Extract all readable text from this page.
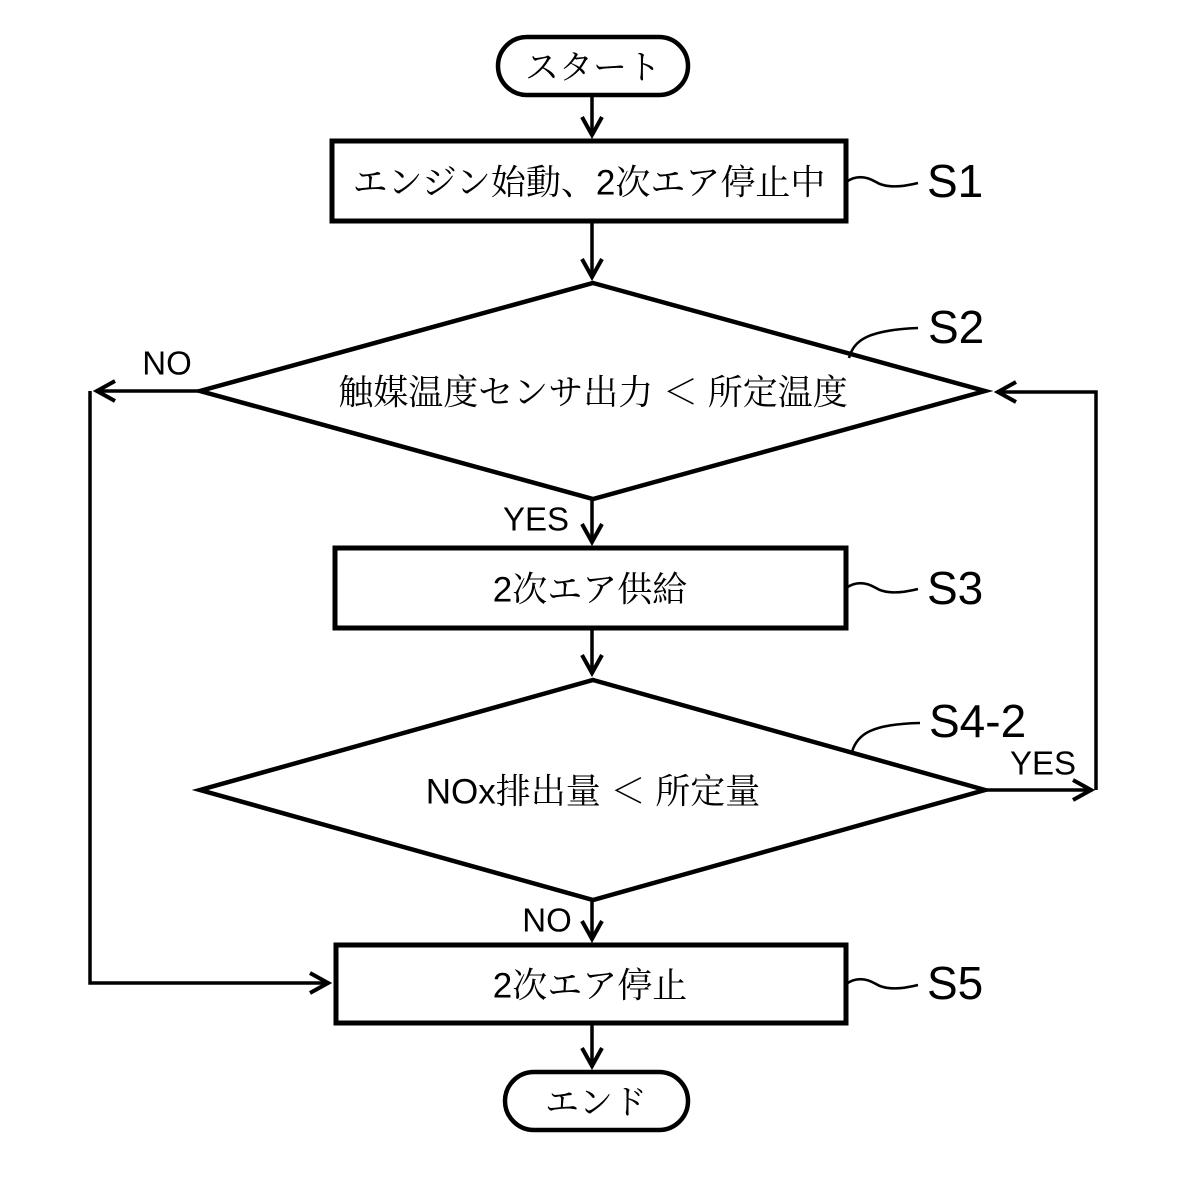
スタート
エンジン始動、2次エア停止中 S1
触媒温度センサ出力 ＜ 所定温度
S2
NO
YES
2次エア供給	S3
NOx排出量 ＜ 所定量
S4-2
YES
NO
2次エア停止	S5
エンド
